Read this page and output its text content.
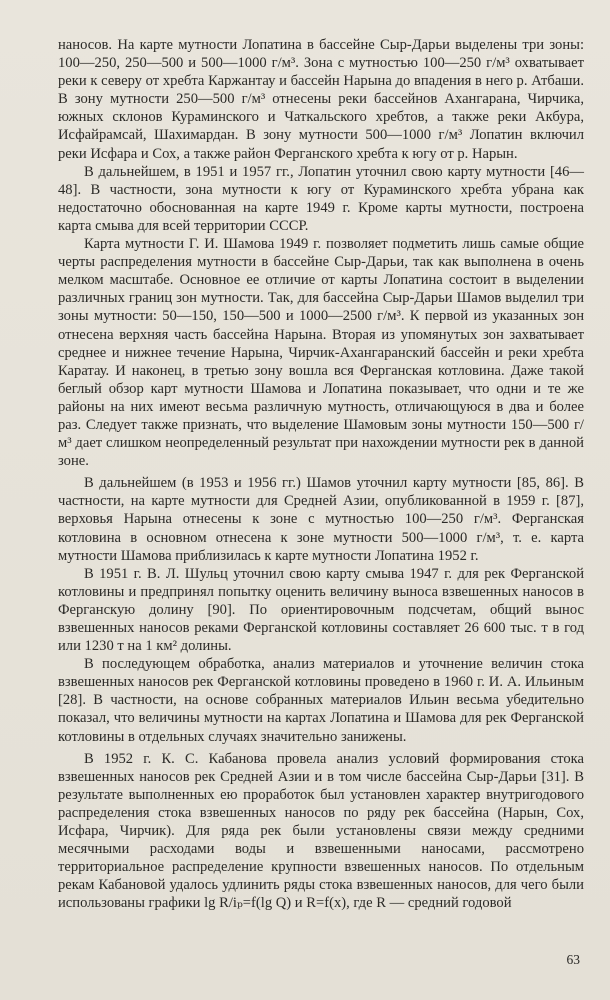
наносов. На карте мутности Лопатина в бассейне Сыр-Дарьи выделены три зоны: 100—250, 250—500 и 500—1000 г/м³. Зона с мутностью 100—250 г/м³ охватывает реки к северу от хребта Каржантау и бассейн Нарына до впадения в него р. Атбаши. В зону мутности 250—500 г/м³ отнесены реки бассейнов Ахангарана, Чирчика, южных склонов Кураминского и Чаткальского хребтов, а также реки Акбура, Исфайрамсай, Шахимардан. В зону мутности 500—1000 г/м³ Лопатин включил реки Исфара и Сох, а также район Ферганского хребта к югу от р. Нарын.

В дальнейшем, в 1951 и 1957 гг., Лопатин уточнил свою карту мутности [46—48]. В частности, зона мутности к югу от Кураминского хребта убрана как недостаточно обоснованная на карте 1949 г. Кроме карты мутности, построена карта смыва для всей территории СССР.

Карта мутности Г. И. Шамова 1949 г. позволяет подметить лишь самые общие черты распределения мутности в бассейне Сыр-Дарьи, так как выполнена в очень мелком масштабе. Основное ее отличие от карты Лопатина состоит в выделении различных границ зон мутности. Так, для бассейна Сыр-Дарьи Шамов выделил три зоны мутности: 50—150, 150—500 и 1000—2500 г/м³. К первой из указанных зон отнесена верхняя часть бассейна Нарына. Вторая из упомянутых зон захватывает среднее и нижнее течение Нарына, Чирчик-Ахангаранский бассейн и реки хребта Каратау. И наконец, в третью зону вошла вся Ферганская котловина. Даже такой беглый обзор карт мутности Шамова и Лопатина показывает, что одни и те же районы на них имеют весьма различную мутность, отличающуюся в два и более раз. Следует также признать, что выделение Шамовым зоны мутности 150—500 г/м³ дает слишком неопределенный результат при нахождении мутности рек в данной зоне.

В дальнейшем (в 1953 и 1956 гг.) Шамов уточнил карту мутности [85, 86]. В частности, на карте мутности для Средней Азии, опубликованной в 1959 г. [87], верховья Нарына отнесены к зоне с мутностью 100—250 г/м³. Ферганская котловина в основном отнесена к зоне мутности 500—1000 г/м³, т. е. карта мутности Шамова приблизилась к карте мутности Лопатина 1952 г.

В 1951 г. В. Л. Шульц уточнил свою карту смыва 1947 г. для рек Ферганской котловины и предпринял попытку оценить величину выноса взвешенных наносов в Ферганскую долину [90]. По ориентировочным подсчетам, общий вынос взвешенных наносов реками Ферганской котловины составляет 26 600 тыс. т в год или 1230 т на 1 км² долины.

В последующем обработка, анализ материалов и уточнение величин стока взвешенных наносов рек Ферганской котловины проведено в 1960 г. И. А. Ильиным [28]. В частности, на основе собранных материалов Ильин весьма убедительно показал, что величины мутности на картах Лопатина и Шамова для рек Ферганской котловины в отдельных случаях значительно занижены.

В 1952 г. К. С. Кабанова провела анализ условий формирования стока взвешенных наносов рек Средней Азии и в том числе бассейна Сыр-Дарьи [31]. В результате выполненных ею проработок был установлен характер внутригодового распределения стока взвешенных наносов по ряду рек бассейна (Нарын, Сох, Исфара, Чирчик). Для ряда рек были установлены связи между средними месячными расходами воды и взвешенными наносами, рассмотрено территориальное распределение крупности взвешенных наносов. По отдельным рекам Кабановой удалось удлинить ряды стока взвешенных наносов, для чего были использованы графики lg R/iₚ=f(lg Q) и R=f(x), где R — средний годовой

63
